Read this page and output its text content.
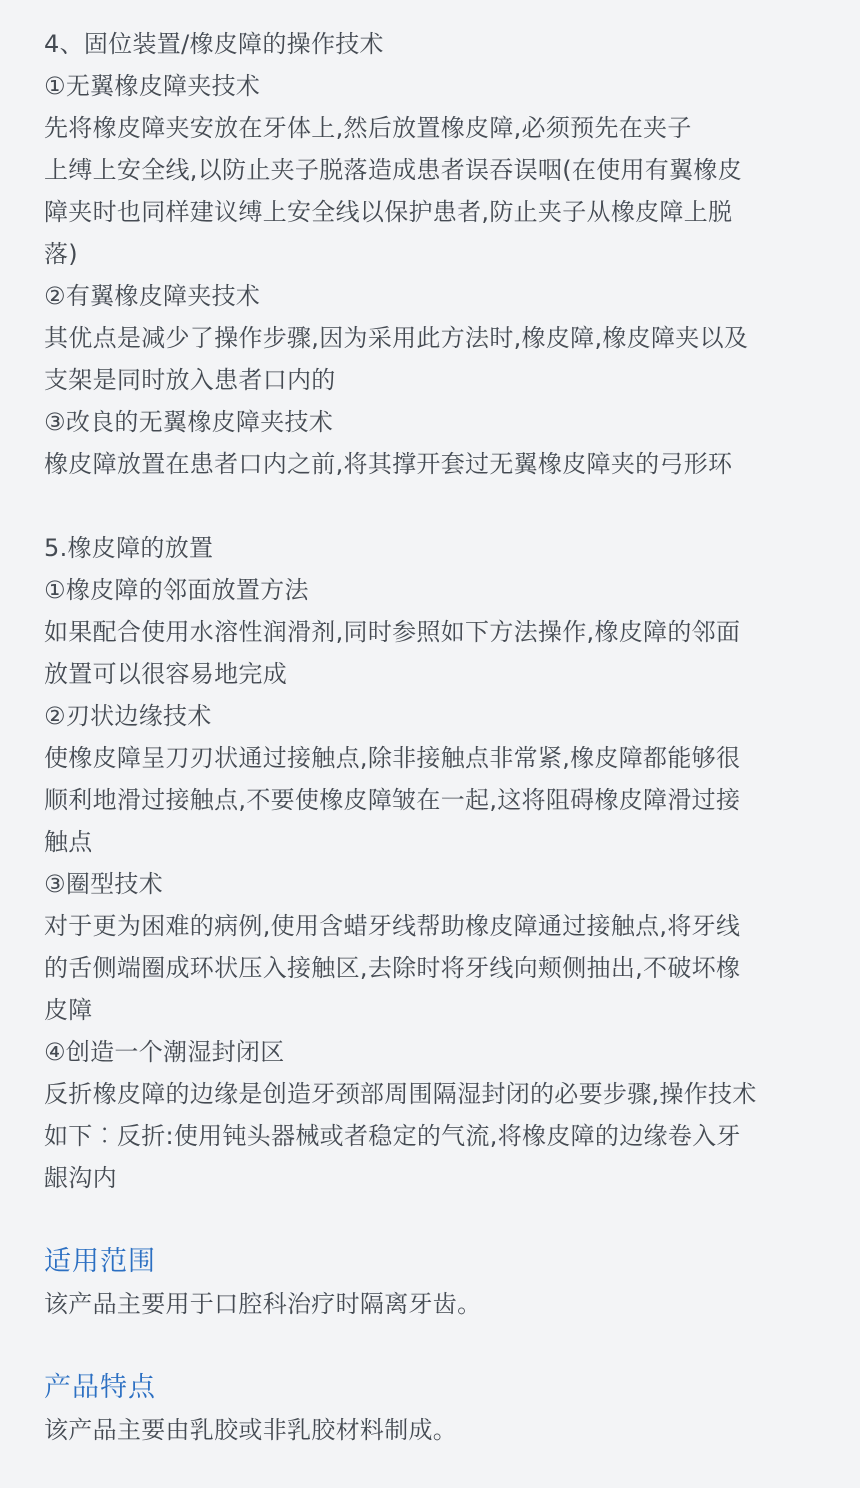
4、固位装置/橡皮障的操作技术
①无翼橡皮障夹技术
先将橡皮障夹安放在牙体上,然后放置橡皮障,必须预先在夹子
上缚上安全线,以防止夹子脱落造成患者误吞误咽(在使用有翼橡皮
障夹时也同样建议缚上安全线以保护患者,防止夹子从橡皮障上脱
落)
②有翼橡皮障夹技术
其优点是减少了操作步骤,因为采用此方法时,橡皮障,橡皮障夹以及
支架是同时放入患者口内的
③改良的无翼橡皮障夹技术
橡皮障放置在患者口内之前,将其撑开套过无翼橡皮障夹的弓形环
5.橡皮障的放置
①橡皮障的邻面放置方法
如果配合使用水溶性润滑剂,同时参照如下方法操作,橡皮障的邻面
放置可以很容易地完成
②刃状边缘技术
使橡皮障呈刀刃状通过接触点,除非接触点非常紧,橡皮障都能够很
顺利地滑过接触点,不要使橡皮障皱在一起,这将阻碍橡皮障滑过接
触点
③圈型技术
对于更为困难的病例,使用含蜡牙线帮助橡皮障通过接触点,将牙线
的舌侧端圈成环状压入接触区,去除时将牙线向颊侧抽出,不破坏橡
皮障
④创造一个潮湿封闭区
反折橡皮障的边缘是创造牙颈部周围隔湿封闭的必要步骤,操作技术
如下︰反折:使用钝头器械或者稳定的气流,将橡皮障的边缘卷入牙
龈沟内
适用范围
该产品主要用于口腔科治疗时隔离牙齿。
产品特点
该产品主要由乳胶或非乳胶材料制成。
